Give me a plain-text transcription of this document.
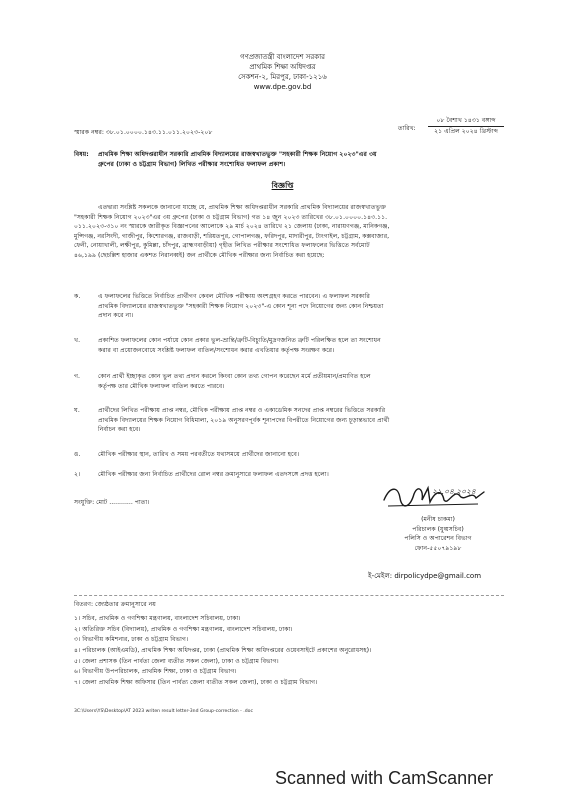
গণপ্রজাতন্ত্রী বাংলাদেশ সরকার
প্রাথমিক শিক্ষা অধিদপ্তর
সেকশন-২, মিরপুর, ঢাকা-১২১৬
www.dpe.gov.bd
স্মারক নম্বর: ৩৮.০১.০০০০.১৪৩.১১.০১১.২০২৩-২০৮
তারিখ:
০৮ বৈশাখ ১৪৩১ বঙ্গাব্দ
২১ এপ্রিল ২০২৪ খ্রিস্টাব্দ
বিষয়: প্রাথমিক শিক্ষা অধিদপ্তরাধীন সরকারি প্রাথমিক বিদ্যালয়ের রাজস্বখাতভুক্ত "সহকারী শিক্ষক নিয়োগ ২০২৩"এর ৩য়
গ্রুপের (ঢাকা ও চট্টগ্রাম বিভাগ) লিখিত পরীক্ষার সংশোধিত ফলাফল প্রকাশ।
বিজ্ঞপ্তি
এতদ্বারা সংশ্লিষ্ট সকলকে জানানো যাচ্ছে যে, প্রাথমিক শিক্ষা অধিদপ্তরাধীন সরকারি প্রাথমিক বিদ্যালয়ের রাজস্বখাতভুক্ত
"সহকারী শিক্ষক নিয়োগ ২০২৩"এর ৩য় গ্রুপের (ঢাকা ও চট্টগ্রাম বিভাগ) গত ১৪ জুন ২০২৩ তারিখের ৩৮.০১.০০০০.১৪৩.১১.
০১১.২০২৩-৩১০ নং স্মারকে জারীকৃত বিজ্ঞাপনের আলোকে ২৯ মার্চ ২০২৪ তারিখে ২১ জেলায় (ঢাকা, নারায়ণগঞ্জ, মানিকগঞ্জ,
মুন্সিগঞ্জ, নরসিংদী, গাজীপুর, কিশোরগঞ্জ, রাজবাড়ী, শরিয়তপুর, গোপালগঞ্জ, ফরিদপুর, মাদারীপুর, টাংগাইল, চট্টগ্রাম, কক্সবাজার,
ফেনী, নোয়াখালী, লক্ষীপুর, কুমিল্লা, চাঁদপুর, ব্রাহ্মণবাড়ীয়া) গৃহীত লিখিত পরীক্ষার সংশোধিত ফলাফলের ভিত্তিতে সর্বমোট
৪৬,১৯৯ (ছেচল্লিশ হাজার একশত নিরানব্বই) জন প্রার্থীকে মৌখিক পরীক্ষার জন্য নির্বাচিত করা হয়েছে:
ক.	এ ফলাফলের ভিত্তিতে নির্বাচিত প্রার্থীগণ কেবল মৌখিক পরীক্ষায় অংশগ্রহণ করতে পারবেন। এ ফলাফল সরকারি
প্রাথমিক বিদ্যালয়ের রাজস্বখাতভুক্ত "সহকারী শিক্ষক নিয়োগ ২০২৩"-এ কোন শূন্য পদে নিয়োগের জন্য কোন নিশ্চয়তা
প্রদান করে না।
খ.	প্রকাশিত ফলাফলের কোন পর্যায়ে কোন প্রকার ভুল-ভ্রান্তি/ত্রুটি-বিচ্যুতি/মুদ্রণজনিত ত্রুটি পরিলক্ষিত হলে তা সংশোধন
করার বা প্রয়োজনবোধে সংশ্লিষ্ট ফলাফল বাতিল/সংশোধন করার এখতিয়ার কর্তৃপক্ষ সংরক্ষণ করে।
গ.	কোন প্রার্থী ইচ্ছাকৃত কোন ভুল তথ্য প্রদান করলে কিংবা কোন তথ্য গোপন করেছেন মর্মে প্রতীয়মান/প্রমাণিত হলে
কর্তৃপক্ষ তার মৌখিক ফলাফল বাতিল করতে পারবে।
ঘ.	প্রার্থীদের লিখিত পরীক্ষায় প্রাপ্ত নম্বর, মৌখিক পরীক্ষায় প্রাপ্ত নম্বর ও একাডেমিক সনদের প্রাপ্ত নম্বরের ভিত্তিতে সরকারি
প্রাথমিক বিদ্যালয়ের শিক্ষক নিয়োগ বিধিমালা, ২০১৯ অনুসরণপূর্বক শূন্যপদের বিপরীতে নিয়োগের জন্য চূড়ান্তভাবে প্রার্থী
নির্বাচন করা হবে।
ঙ.	মৌখিক পরীক্ষার স্থান, তারিখ ও সময় পরবর্তীতে যথাসময়ে প্রার্থীদের জানানো হবে।
২।	মৌখিক পরীক্ষার জন্য নির্বাচিত প্রার্থীদের রোল নম্বর ক্রমানুসারে ফলাফল এতদসঙ্গে প্রদত্ত হলো।
সংযুক্তি: মোট ............ পাতা।
২১.০৪.২০২৪
(মনীষ চাকমা)
পরিচালক (যুগ্মসচিব)
পলিসি ও অপারেশন বিভাগ
ফোন-৫৫০৭৯১৯৮
ই-মেইল: dirpolicydpe@gmail.com
বিতরণ: জ্যেষ্ঠতার ক্রমানুসারে নয়
১। সচিব, প্রাথমিক ও গণশিক্ষা মন্ত্রণালয়, বাংলাদেশ সচিবালয়, ঢাকা।
২। অতিরিক্ত সচিব (বিদ্যালয়), প্রাথমিক ও গণশিক্ষা মন্ত্রণালয়, বাংলাদেশ সচিবালয়, ঢাকা।
৩। বিভাগীয় কমিশনার, ঢাকা ও চট্টগ্রাম বিভাগ।
৪। পরিচালক (আইএমডি), প্রাথমিক শিক্ষা অধিদপ্তর, ঢাকা (প্রাথমিক শিক্ষা অধিদপ্তরের ওয়েবসাইটে প্রকাশের অনুরোধসহ)।
৫। জেলা প্রশাসক (তিন পার্বত্য জেলা ব্যতীত সকল জেলা), ঢাকা ও চট্টগ্রাম বিভাগ।
৬। বিভাগীয় উপপরিচালক, প্রাথমিক শিক্ষা, ঢাকা ও চট্টগ্রাম বিভাগ।
৭। জেলা প্রাথমিক শিক্ষা অফিসার (তিন পার্বত্য জেলা ব্যতীত সকল জেলা), ঢাকা ও চট্টগ্রাম বিভাগ।
3C:\Users\YS\Desktop\AT 2023 writen result letter-3nd Group-correction - .doc
Scanned with CamScanner
